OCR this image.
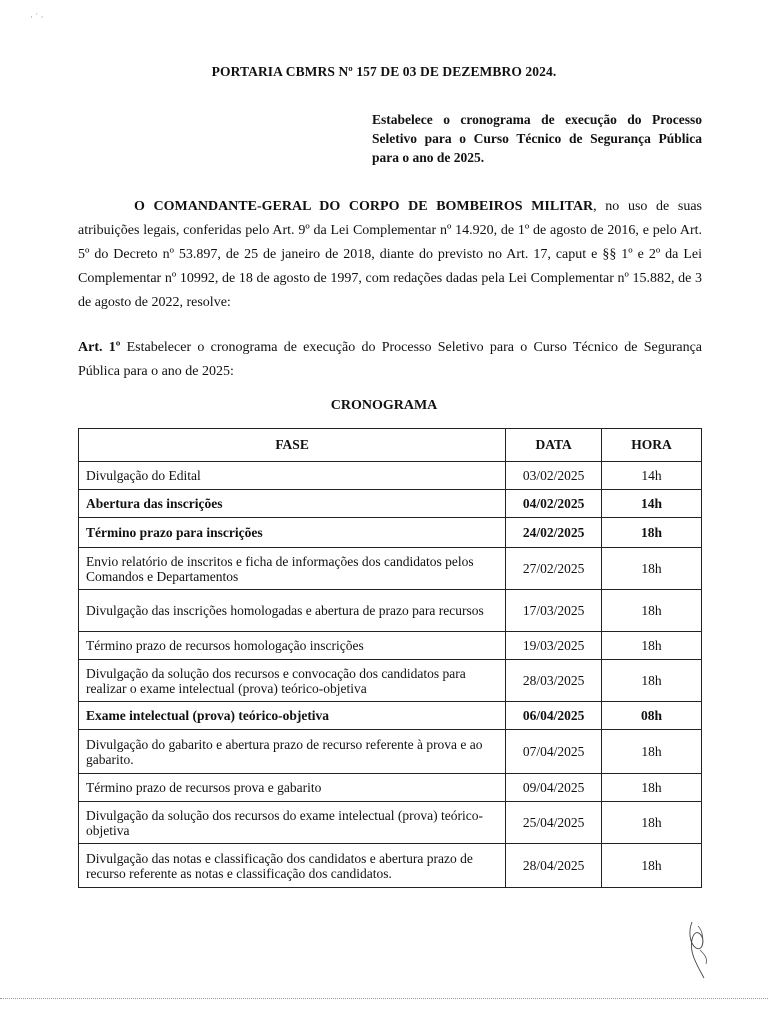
· ˙ ·
PORTARIA CBMRS Nº 157 DE 03 DE DEZEMBRO 2024.
Estabelece o cronograma de execução do Processo Seletivo para o Curso Técnico de Segurança Pública para o ano de 2025.
O COMANDANTE-GERAL DO CORPO DE BOMBEIROS MILITAR, no uso de suas atribuições legais, conferidas pelo Art. 9º da Lei Complementar nº 14.920, de 1º de agosto de 2016, e pelo Art. 5º do Decreto nº 53.897, de 25 de janeiro de 2018, diante do previsto no Art. 17, caput e §§ 1º e 2º da Lei Complementar nº 10992, de 18 de agosto de 1997, com redações dadas pela Lei Complementar nº 15.882, de 3 de agosto de 2022, resolve:
Art. 1º Estabelecer o cronograma de execução do Processo Seletivo para o Curso Técnico de Segurança Pública para o ano de 2025:
CRONOGRAMA
FASE	DATA	HORA
Divulgação do Edital	03/02/2025	14h
Abertura das inscrições	04/02/2025	14h
Término prazo para inscrições	24/02/2025	18h
Envio relatório de inscritos e ficha de informações dos candidatos pelos Comandos e Departamentos	27/02/2025	18h
Divulgação das inscrições homologadas e abertura de prazo para recursos	17/03/2025	18h
Término prazo de recursos homologação inscrições	19/03/2025	18h
Divulgação da solução dos recursos e convocação dos candidatos para realizar o exame intelectual (prova) teórico-objetiva	28/03/2025	18h
Exame intelectual (prova) teórico-objetiva	06/04/2025	08h
Divulgação do gabarito e abertura prazo de recurso referente à prova e ao gabarito.	07/04/2025	18h
Término prazo de recursos prova e gabarito	09/04/2025	18h
Divulgação da solução dos recursos do exame intelectual (prova) teórico-objetiva	25/04/2025	18h
Divulgação das notas e classificação dos candidatos e abertura prazo de recurso referente as notas e classificação dos candidatos.	28/04/2025	18h
